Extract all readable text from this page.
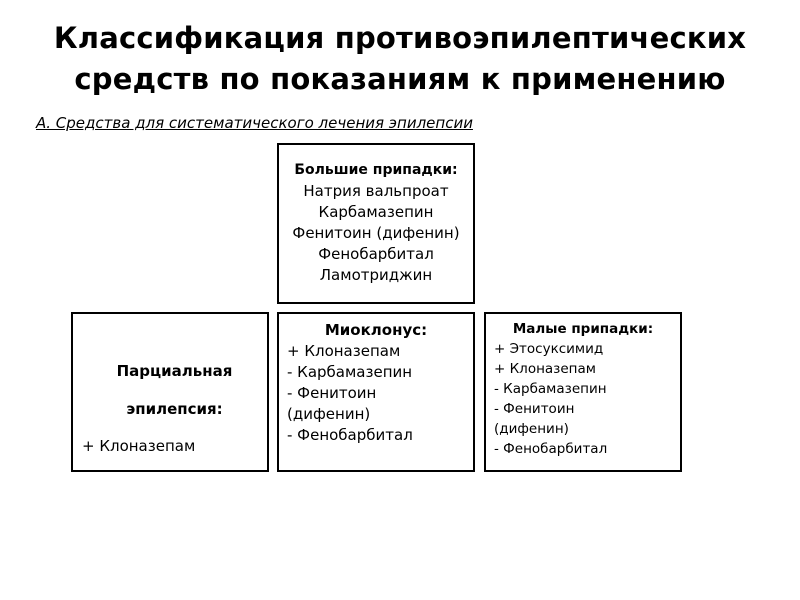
Классификация противоэпилептических
средств по показаниям к применению
А. Средства для систематического лечения эпилепсии
Большие припадки:
Натрия вальпроат
Карбамазепин
Фенитоин (дифенин)
Фенобарбитал
Ламотриджин
Парциальная
эпилепсия:
+ Клоназепам
Миоклонус:
+ Клоназепам
- Карбамазепин
- Фенитоин
(дифенин)
- Фенобарбитал
Малые припадки:
+ Этосуксимид
+ Клоназепам
- Карбамазепин
- Фенитоин
(дифенин)
- Фенобарбитал
